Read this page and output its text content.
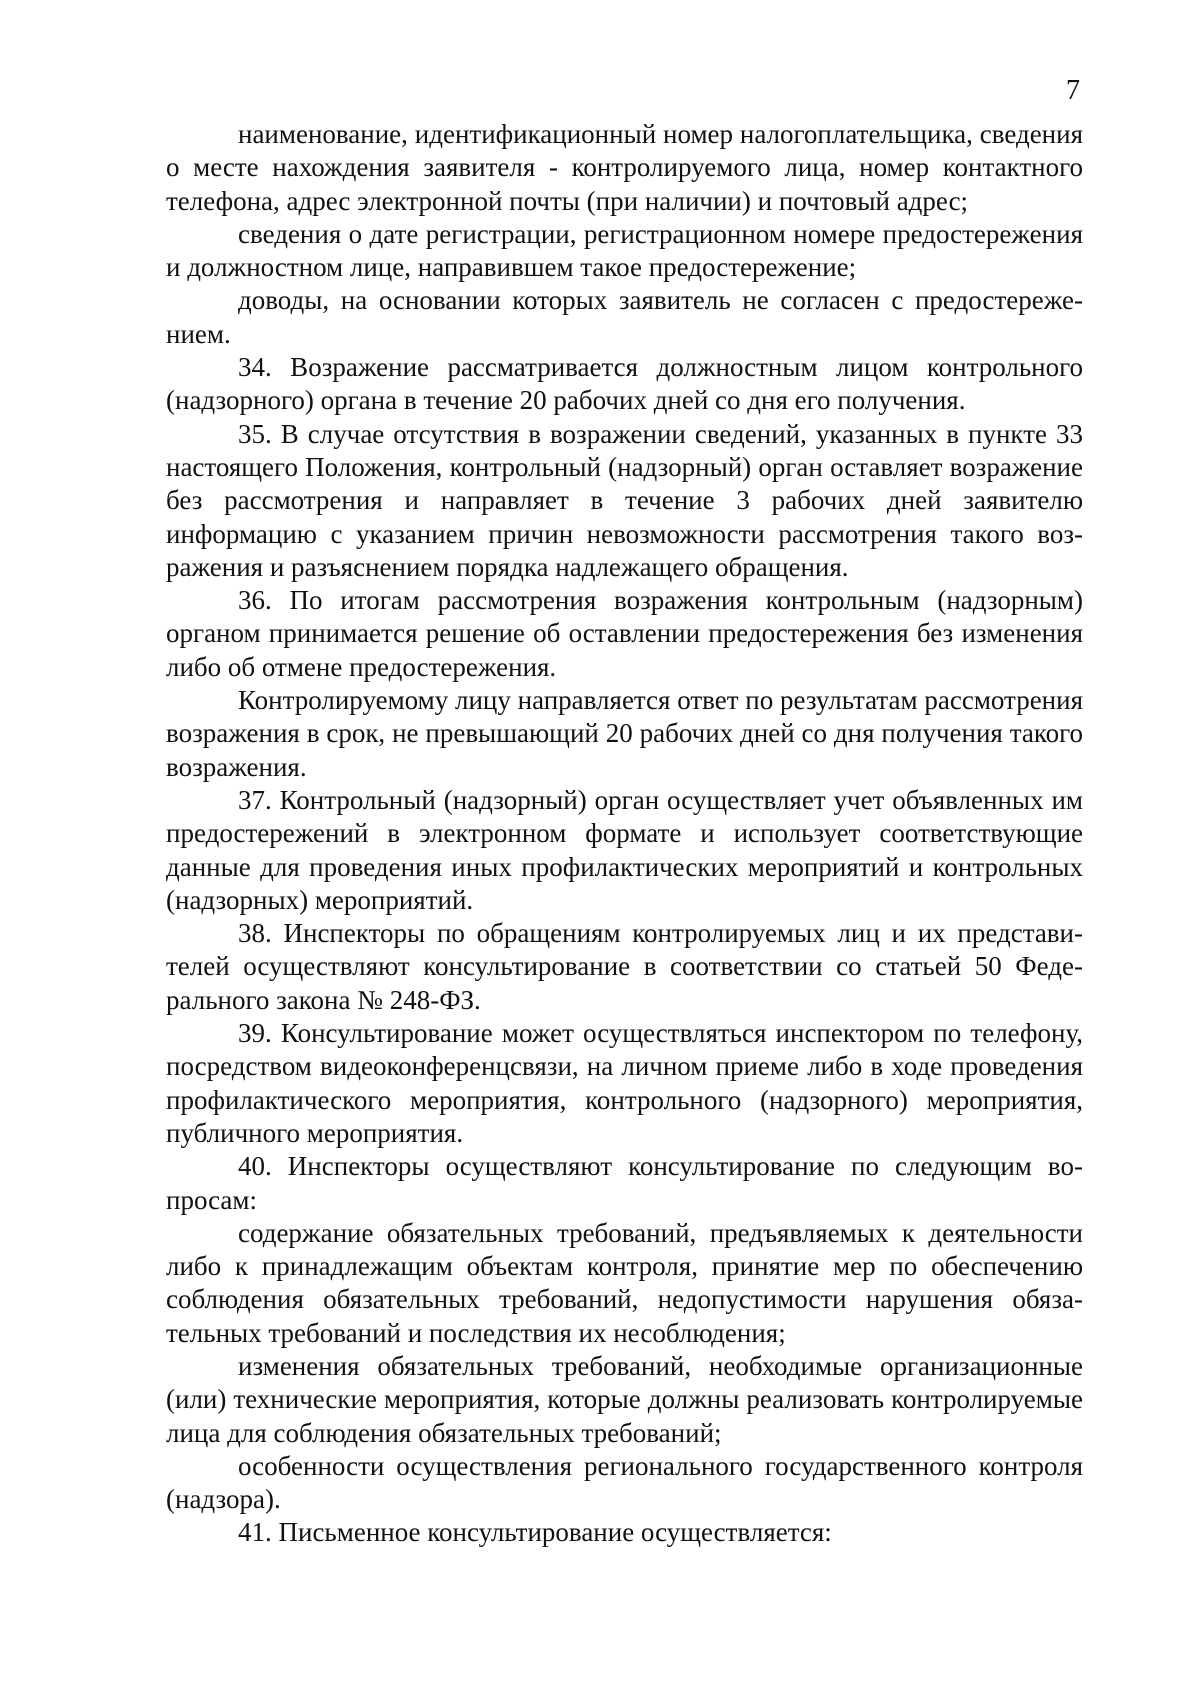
7

наименование, идентификационный номер налогоплательщика, сведения о месте нахождения заявителя - контролируемого лица, номер контактного телефона, адрес электронной почты (при наличии) и почтовый адрес;

сведения о дате регистрации, регистрационном номере предостережения и должностном лице, направившем такое предостережение;

доводы, на основании которых заявитель не согласен с предостережением.

34. Возражение рассматривается должностным лицом контрольного (надзорного) органа в течение 20 рабочих дней со дня его получения.

35. В случае отсутствия в возражении сведений, указанных в пункте 33 настоящего Положения, контрольный (надзорный) орган оставляет возражение без рассмотрения и направляет в течение 3 рабочих дней заявителю информацию с указанием причин невозможности рассмотрения такого возражения и разъяснением порядка надлежащего обращения.

36. По итогам рассмотрения возражения контрольным (надзорным) органом принимается решение об оставлении предостережения без изменения либо об отмене предостережения.

Контролируемому лицу направляется ответ по результатам рассмотрения возражения в срок, не превышающий 20 рабочих дней со дня получения такого возражения.

37. Контрольный (надзорный) орган осуществляет учет объявленных им предостережений в электронном формате и использует соответствующие данные для проведения иных профилактических мероприятий и контрольных (надзорных) мероприятий.

38. Инспекторы по обращениям контролируемых лиц и их представителей осуществляют консультирование в соответствии со статьей 50 Федерального закона № 248-ФЗ.

39. Консультирование может осуществляться инспектором по телефону, посредством видеоконференцсвязи, на личном приеме либо в ходе проведения профилактического мероприятия, контрольного (надзорного) мероприятия, публичного мероприятия.

40. Инспекторы осуществляют консультирование по следующим вопросам:

содержание обязательных требований, предъявляемых к деятельности либо к принадлежащим объектам контроля, принятие мер по обеспечению соблюдения обязательных требований, недопустимости нарушения обязательных требований и последствия их несоблюдения;

изменения обязательных требований, необходимые организационные (или) технические мероприятия, которые должны реализовать контролируемые лица для соблюдения обязательных требований;

особенности осуществления регионального государственного контроля (надзора).

41. Письменное консультирование осуществляется:
